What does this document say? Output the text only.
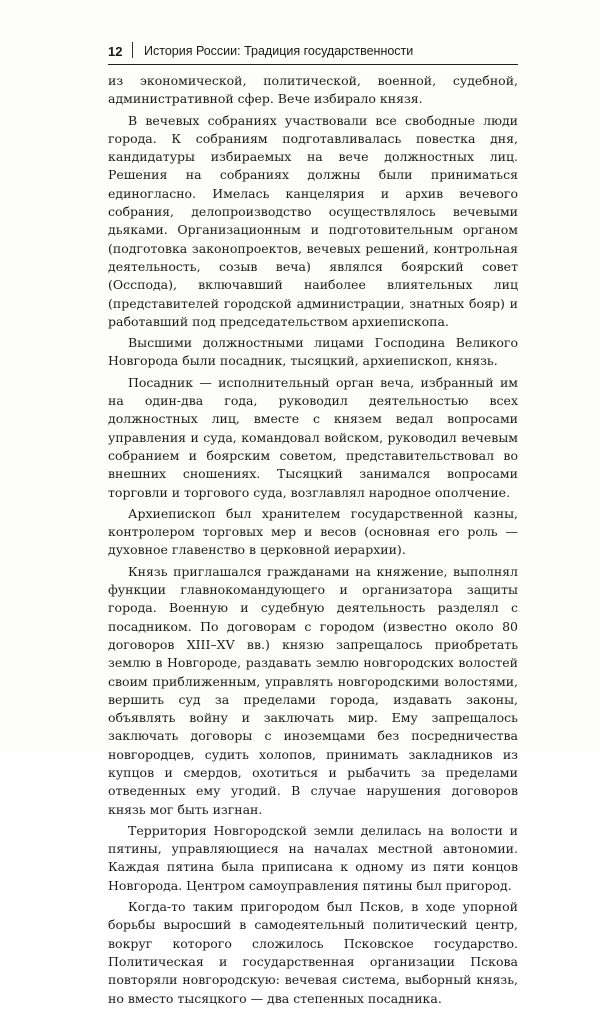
12 История России: Традиция государственности

из экономической, политической, военной, судебной, административной сфер. Вече избирало князя.

В вечевых собраниях участвовали все свободные люди города. К собраниям подготавливалась повестка дня, кандидатуры избираемых на вече должностных лиц. Решения на собраниях должны были приниматься единогласно. Имелась канцелярия и архив вечевого собрания, делопроизводство осуществлялось вечевыми дьяками. Организационным и подготовительным органом (подготовка законопроектов, вечевых решений, контрольная деятельность, созыв веча) являлся боярский совет (Осспода), включавший наиболее влиятельных лиц (представителей городской администрации, знатных бояр) и работавший под председательством архиепископа.

Высшими должностными лицами Господина Великого Новгорода были посадник, тысяцкий, архиепископ, князь.

Посадник — исполнительный орган веча, избранный им на один-два года, руководил деятельностью всех должностных лиц, вместе с князем ведал вопросами управления и суда, командовал войском, руководил вечевым собранием и боярским советом, представительствовал во внешних сношениях. Тысяцкий занимался вопросами торговли и торгового суда, возглавлял народное ополчение.

Архиепископ был хранителем государственной казны, контролером торговых мер и весов (основная его роль — духовное главенство в церковной иерархии).

Князь приглашался гражданами на княжение, выполнял функции главнокомандующего и организатора защиты города. Военную и судебную деятельность разделял с посадником. По договорам с городом (известно около 80 договоров XIII–XV вв.) князю запрещалось приобретать землю в Новгороде, раздавать землю новгородских волостей своим приближенным, управлять новгородскими волостями, вершить суд за пределами города, издавать законы, объявлять войну и заключать мир. Ему запрещалось заключать договоры с иноземцами без посредничества новгородцев, судить холопов, принимать закладников из купцов и смердов, охотиться и рыбачить за пределами отведенных ему угодий. В случае нарушения договоров князь мог быть изгнан.

Территория Новгородской земли делилась на волости и пятины, управляющиеся на началах местной автономии. Каждая пятина была приписана к одному из пяти концов Новгорода. Центром самоуправления пятины был пригород.

Когда-то таким пригородом был Псков, в ходе упорной борьбы выросший в самодеятельный политический центр, вокруг которого сложилось Псковское государство. Политическая и государственная организации Пскова повторяли новгородскую: вечевая система, выборный князь, но вместо тысяцкого — два степенных посадника.
